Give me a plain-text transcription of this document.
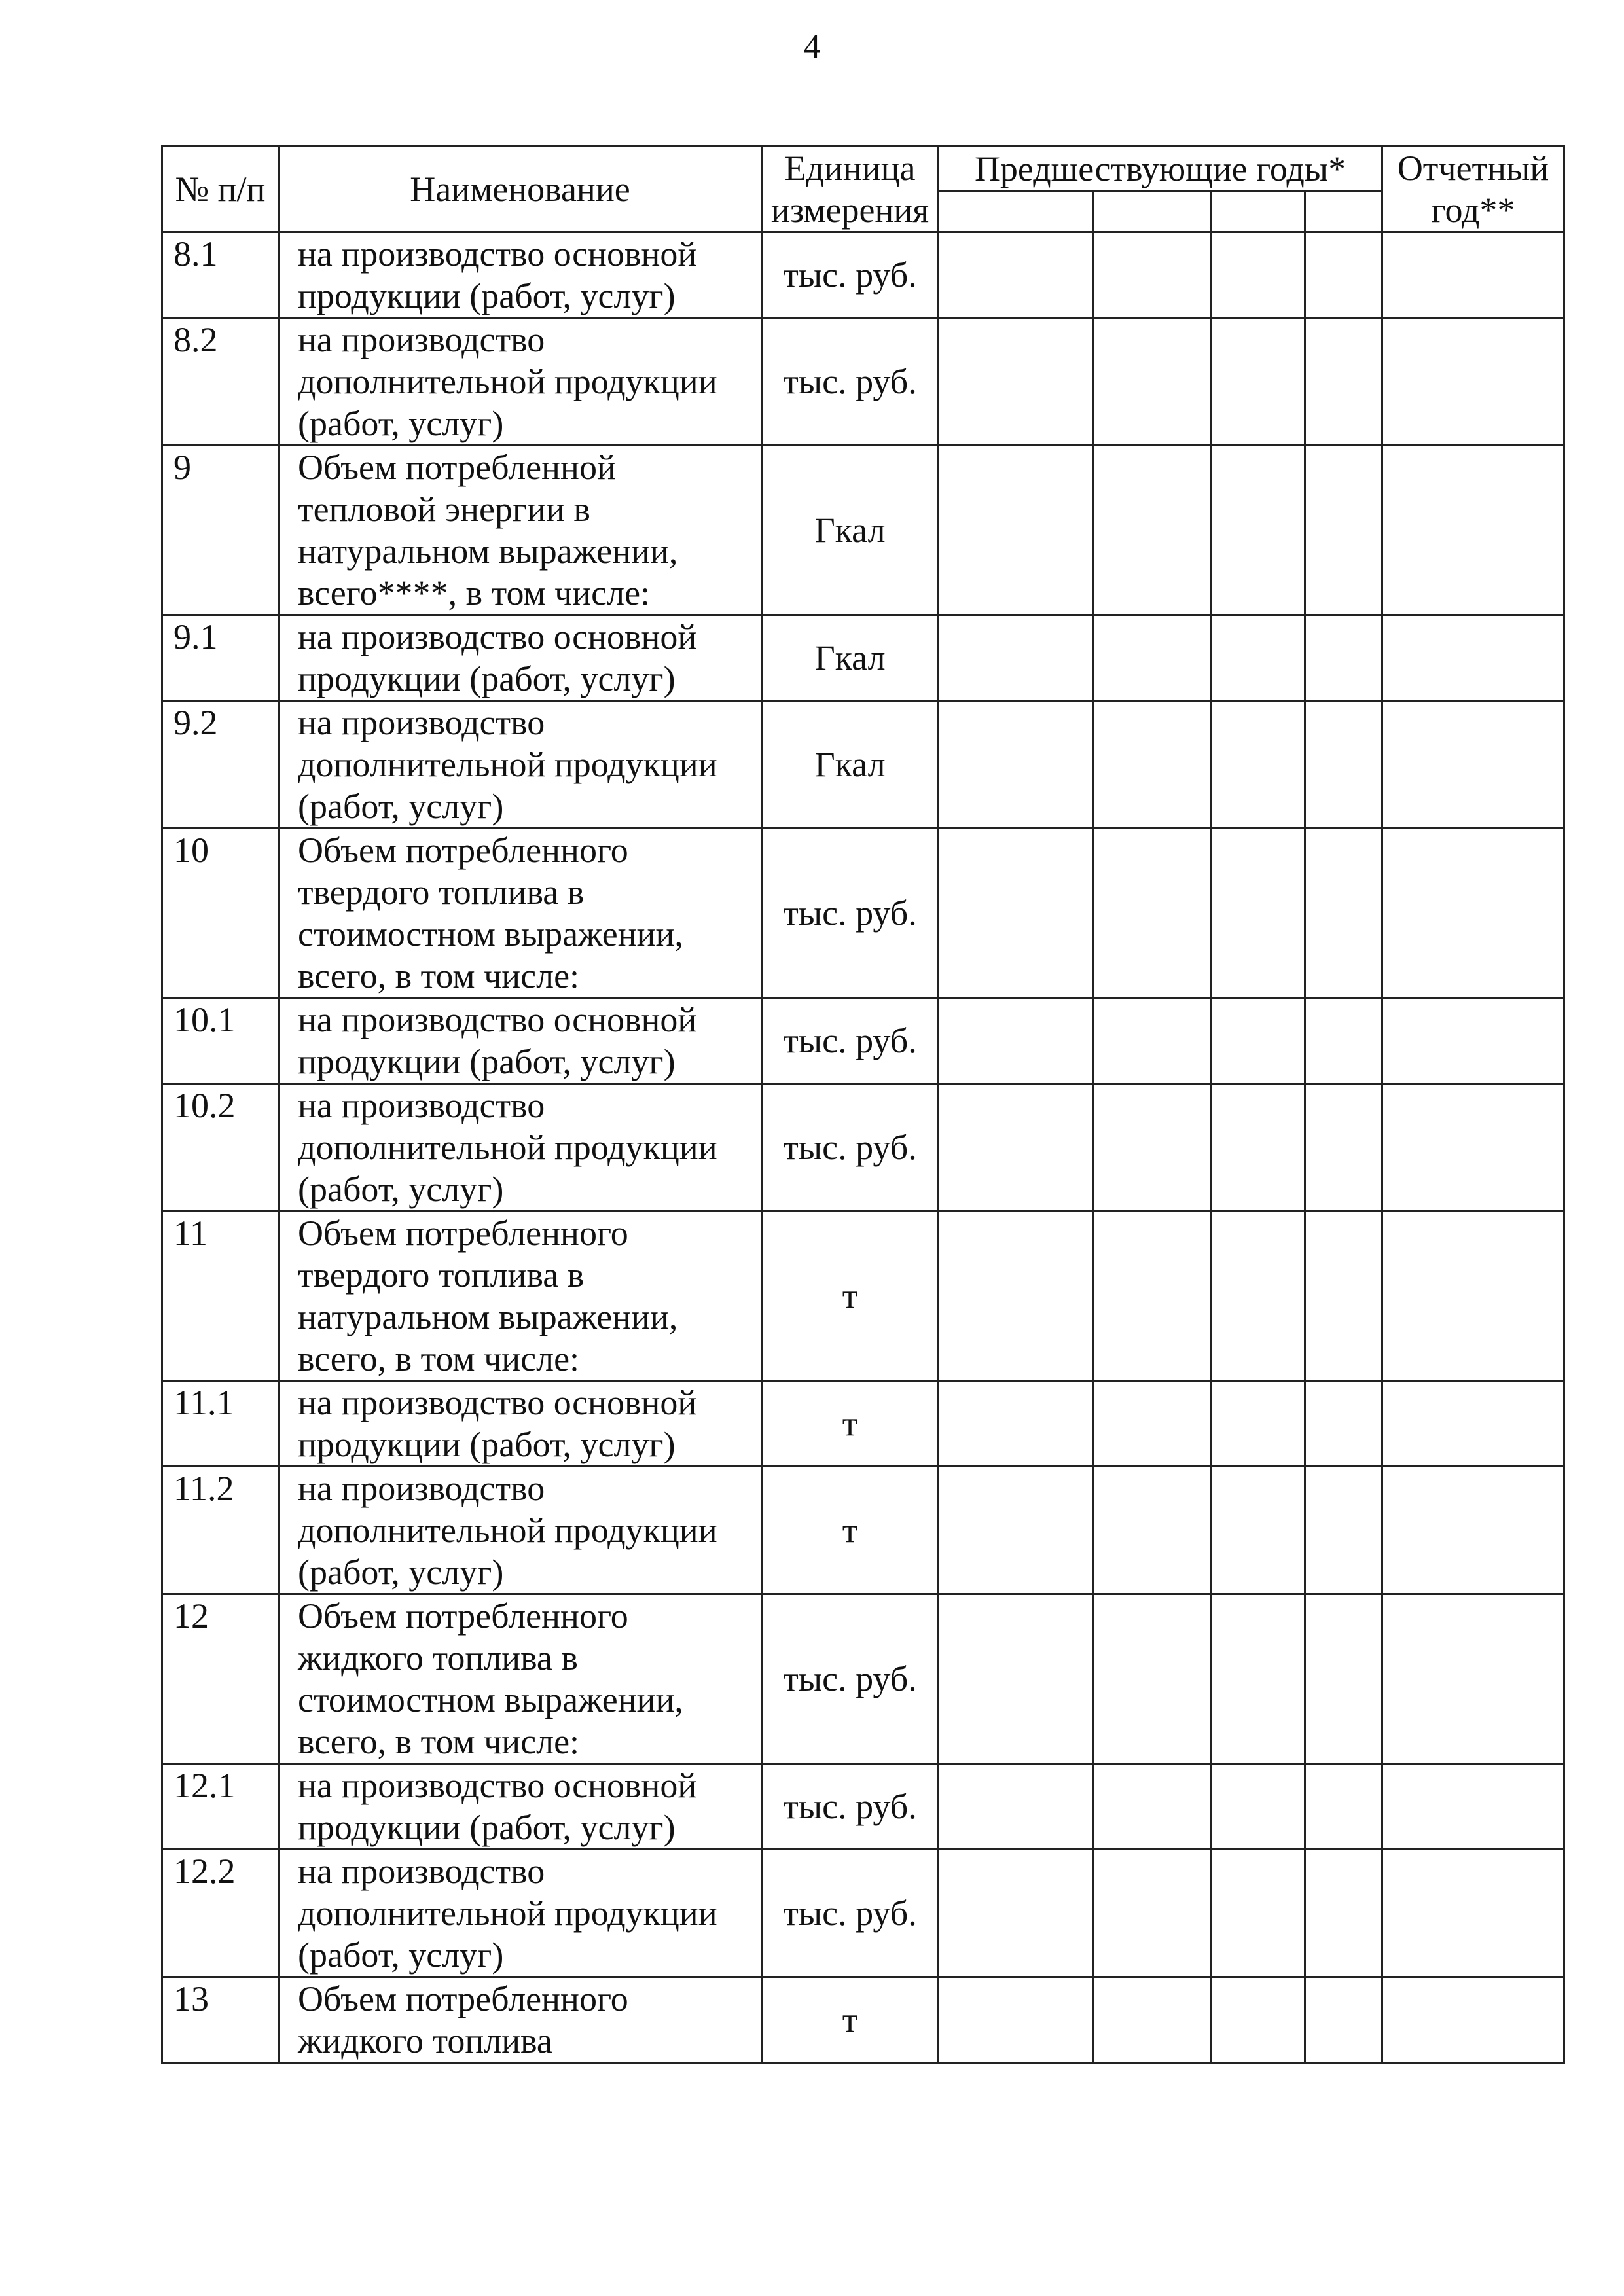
4
№ п/п	Наименование	Единица измерения	Предшествующие годы*				Отчетный год**

8.1	на производство основной продукции (работ, услуг)	тыс. руб.					
8.2	на производство дополнительной продукции (работ, услуг)	тыс. руб.					
9	Объем потребленной тепловой энергии в натуральном выражении, всего****, в том числе:	Гкал					
9.1	на производство основной продукции (работ, услуг)	Гкал					
9.2	на производство дополнительной продукции (работ, услуг)	Гкал					
10	Объем потребленного твердого топлива в стоимостном выражении, всего, в том числе:	тыс. руб.					
10.1	на производство основной продукции (работ, услуг)	тыс. руб.					
10.2	на производство дополнительной продукции (работ, услуг)	тыс. руб.					
11	Объем потребленного твердого топлива в натуральном выражении, всего, в том числе:	т					
11.1	на производство основной продукции (работ, услуг)	т					
11.2	на производство дополнительной продукции (работ, услуг)	т					
12	Объем потребленного жидкого топлива в стоимостном выражении, всего, в том числе:	тыс. руб.					
12.1	на производство основной продукции (работ, услуг)	тыс. руб.					
12.2	на производство дополнительной продукции (работ, услуг)	тыс. руб.					
13	Объем потребленного жидкого топлива	т					
